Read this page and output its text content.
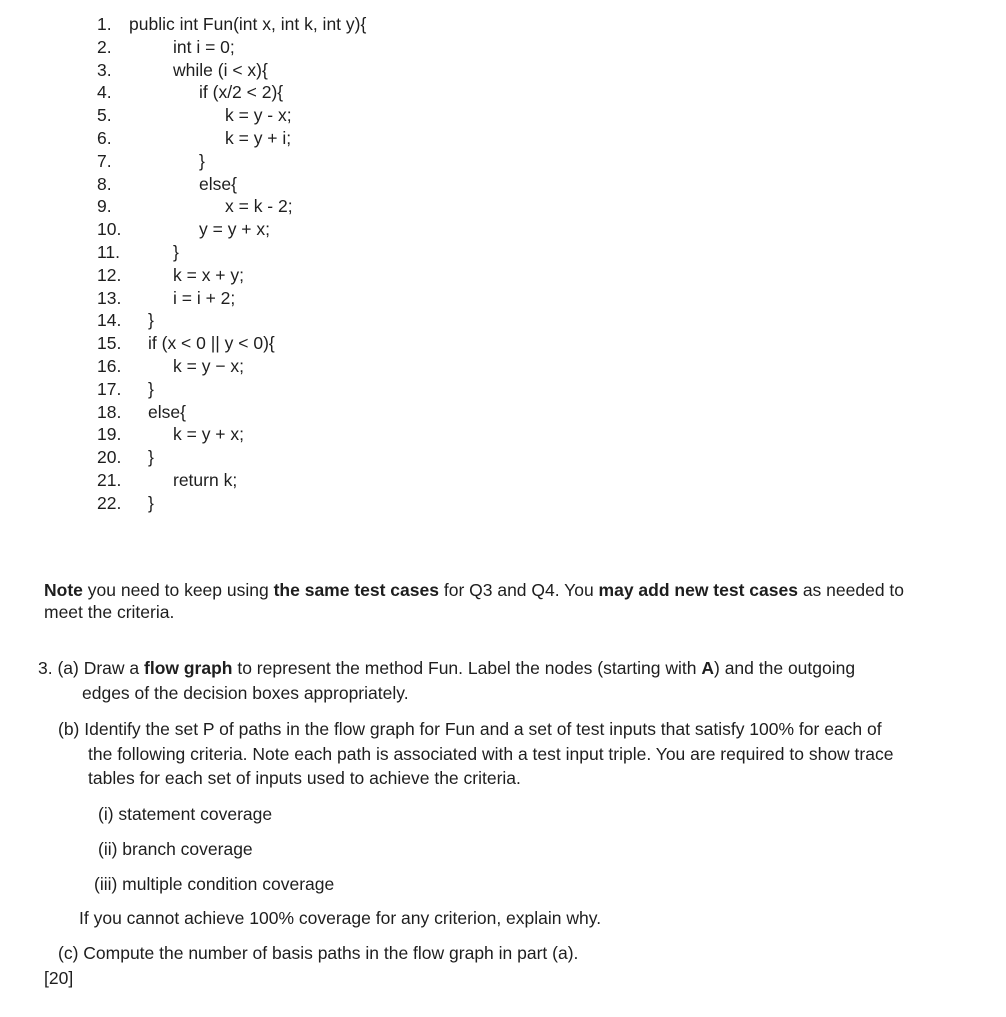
1. public int Fun(int x, int k, int y){
2.	int i = 0;
3.	while (i < x){
4.	if (x/2 < 2){
5.	k = y - x;
6.	k = y + i;
7.	}
8.	else{
9.	x = k - 2;
10.	y = y + x;
11.	}
12.	k = x + y;
13.	i = i + 2;
14.	}
15.	if (x < 0 || y < 0){
16.	k = y − x;
17.	}
18.	else{
19.	k = y + x;
20.	}
21.	return k;
22.	}
Note you need to keep using the same test cases for Q3 and Q4. You may add new test cases as needed to
meet the criteria.
3. (a) Draw a flow graph to represent the method Fun. Label the nodes (starting with A) and the outgoing
edges of the decision boxes appropriately.
(b) Identify the set P of paths in the flow graph for Fun and a set of test inputs that satisfy 100% for each of
the following criteria. Note each path is associated with a test input triple. You are required to show trace
tables for each set of inputs used to achieve the criteria.
(i) statement coverage
(ii) branch coverage
(iii) multiple condition coverage
If you cannot achieve 100% coverage for any criterion, explain why.
(c) Compute the number of basis paths in the flow graph in part (a).
[20]
